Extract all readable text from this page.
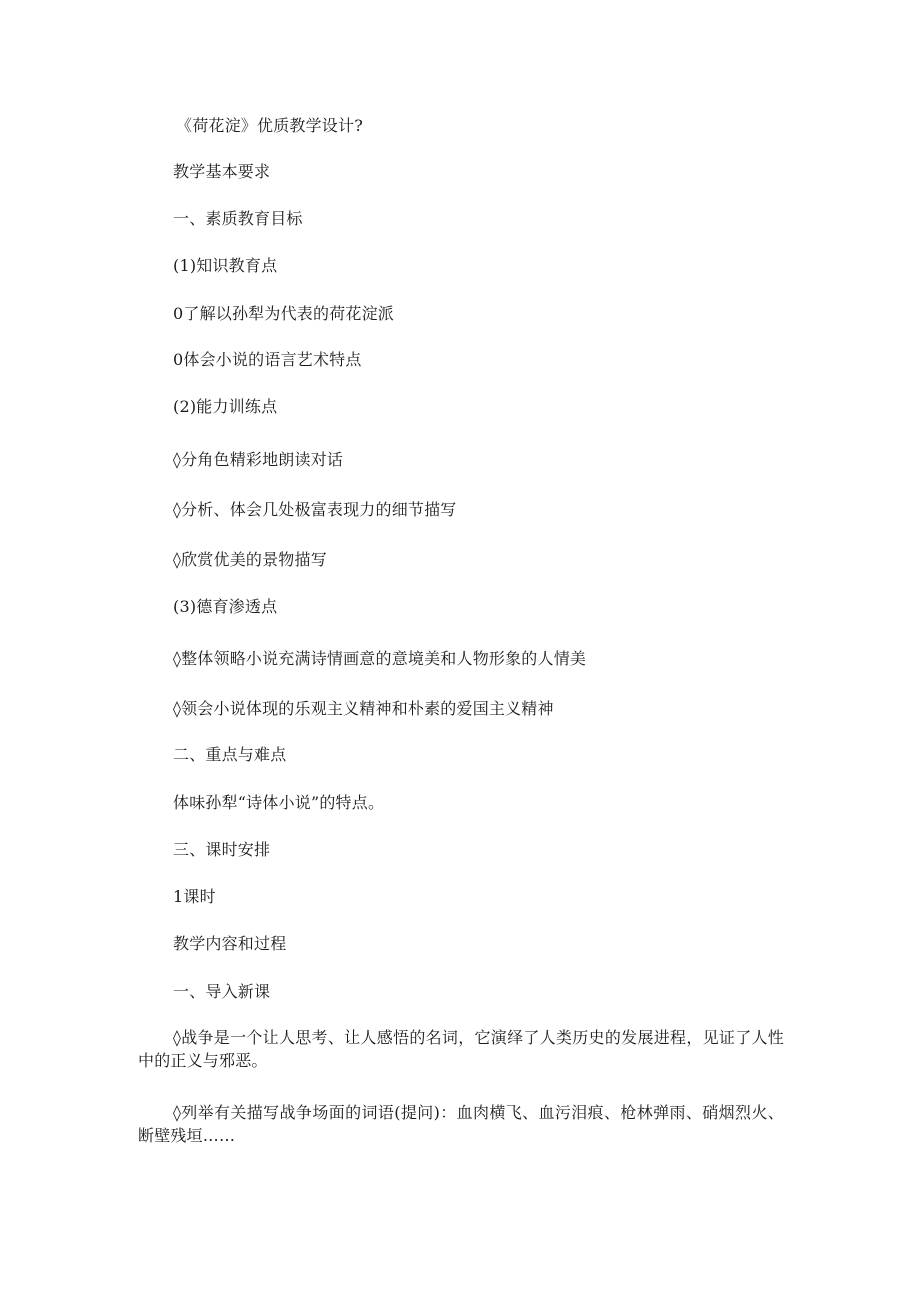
《荷花淀》优质教学设计?
教学基本要求
一、素质教育目标
(1)知识教育点
0了解以孙犁为代表的荷花淀派
0体会小说的语言艺术特点
(2)能力训练点
◊分角色精彩地朗读对话
◊分析、体会几处极富表现力的细节描写
◊欣赏优美的景物描写
(3)德育渗透点
◊整体领略小说充满诗情画意的意境美和人物形象的人情美
◊领会小说体现的乐观主义精神和朴素的爱国主义精神
二、重点与难点
体味孙犁“诗体小说”的特点。
三、课时安排
1课时
教学内容和过程
一、导入新课
◊战争是一个让人思考、让人感悟的名词，它演绎了人类历史的发展进程，见证了人性中的正义与邪恶。
◊列举有关描写战争场面的词语(提问)：血肉横飞、血污泪痕、枪林弹雨、硝烟烈火、断壁残垣……
